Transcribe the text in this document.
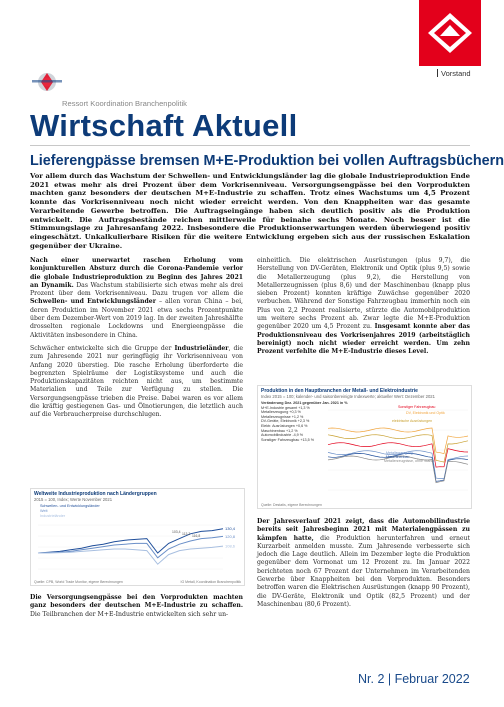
Vorstand
Ressort Koordination Branchenpolitik
Wirtschaft Aktuell
Lieferengpässe bremsen M+E-Produktion bei vollen Auftragsbüchern
Vor allem durch das Wachstum der Schwellen- und Entwicklungsländer lag die globale Industrieproduktion Ende 2021 etwas mehr als drei Prozent über dem Vorkrisenniveau. Versorgungsengpässe bei den Vorprodukten machten ganz besonders der deutschen M+E-Industrie zu schaffen. Trotz eines Wachstums um 4,5 Prozent konnte das Vorkrisenniveau noch nicht wieder erreicht werden. Von den Knappheiten war das gesamte Verarbeitende Gewerbe betroffen. Die Auftragseingänge haben sich deutlich positiv als die Produktion entwickelt. Die Auftragsbestände reichen mittlerweile für beinahe sechs Monate. Noch besser ist die Stimmungslage zu Jahresanfang 2022. Insbesondere die Produktionserwartungen werden überwiegend positiv eingeschätzt. Unkalkulierbare Risiken für die weitere Entwicklung ergeben sich aus der russischen Eskalation gegenüber der Ukraine.

Nach einer unerwartet raschen Erholung vom konjunkturellen Absturz durch die Corona-Pandemie verlor die globale Industrieproduktion zu Beginn des Jahres 2021 an Dynamik. Das Wachstum stabilisierte sich etwas mehr als drei Prozent über dem Vorkrisenniveau. Dazu trugen vor allem die Schwellen- und Entwicklungsländer – allen voran China – bei, deren Produktion im November 2021 etwa sechs Prozentpunkte über dem Dezember-Wert von 2019 lag. In der zweiten Jahreshälfte drosselten regionale Lockdowns und Energieengpässe die Aktivitäten insbesondere in China.

Schwächer entwickelte sich die Gruppe der Industrieländer, die zum Jahresende 2021 nur geringfügig ihr Vorkrisenniveau von Anfang 2020 überstieg. Die rasche Erholung überforderte die begrenzten Spielräume der Logistiksysteme und auch die Produktionskapazitäten reichten nicht aus, um bestimmte Materialien und Teile zur Verfügung zu stellen. Die Versorgungsengpässe trieben die Preise. Dabei waren es vor allem die kräftig gestiegenen Gas- und Ölnotierungen, die letztlich auch auf die Verbraucherpreise durchschlugen.

Weltweite Industrieproduktion nach Ländergruppen
2015 = 100, Index; Werte November 2021
130,4
Schwellen- und Entwicklungsländer
120,8
Welt
108,6
Industrieländer
103,4 113,2 116,8
Quelle: CPB, World Trade Monitor, eigene Berechnungen	IG Metall, Koordination Branchenpolitik

Die Versorgungsengpässe bei den Vorprodukten machten ganz besonders der deutschen M+E-Industrie zu schaffen. Die Teilbranchen der M+E-Industrie entwickelten sich sehr un-

einheitlich. Die elektrischen Ausrüstungen (plus 9,7), die Herstellung von DV-Geräten, Elektronik und Optik (plus 9,5) sowie die Metallerzeugung (plus 9,2), die Herstellung von Metallerzeugnissen (plus 8,6) und der Maschinenbau (knapp plus sieben Prozent) konnten kräftige Zuwächse gegenüber 2020 verbuchen. Während der Sonstige Fahrzeugbau immerhin noch ein Plus von 2,2 Prozent realisierte, stürzte die Automobilproduktion um weitere sechs Prozent ab. Zwar legte die M+E-Produktion gegenüber 2020 um 4,5 Prozent zu. Insgesamt konnte aber das Produktionsniveau des Vorkrisenjahres 2019 (arbeitstäglich bereinigt) noch nicht wieder erreicht werden. Um zehn Prozent verfehlte die M+E-Industrie dieses Level.

Produktion in den Hauptbranchen der Metall- und Elektroindustrie
Index 2015 = 100; kalender- und saisonbereinigte Indexwerte; aktueller Wert: Dezember 2021
Veränderung Dez. 2021 gegenüber Jan. 2021 in %
M+E-Industrie gesamt +1,3 %
Metallerzeugung +0,3 %
Metallerzeugnisse +1,2 %
DV-Geräte, Elektronik +2,3 %
Elektr. Ausrüstungen +0,6 %
Maschinenbau +1,2 %
Automobilindustrie -4,9 %
Sonstiger Fahrzeugbau +13,5 %
Sonstiger Fahrzeugbau
DV, Elektronik und Optik
elektrische Ausrüstungen
Metallerzeugung
Maschinenbau
Metallerzeugnisse, ohne Stahlb.
Quelle: Destatis, eigene Berechnungen

Der Jahresverlauf 2021 zeigt, dass die Automobilindustrie bereits seit Jahresbeginn 2021 mit Materialengpässen zu kämpfen hatte, die Produktion herunterfahren und erneut Kurzarbeit anmelden musste. Zum Jahresende verbesserte sich jedoch die Lage deutlich. Allein im Dezember legte die Produktion gegenüber dem Vormonat um 12 Prozent zu. Im Januar 2022 berichteten noch 67 Prozent der Unternehmen im Verarbeitenden Gewerbe über Knappheiten bei den Vorprodukten. Besonders betroffen waren die Elektrischen Ausrüstungen (knapp 90 Prozent), die DV-Geräte, Elektronik und Optik (82,5 Prozent) und der Maschinenbau (80,6 Prozent).

Nr. 2 | Februar 2022
